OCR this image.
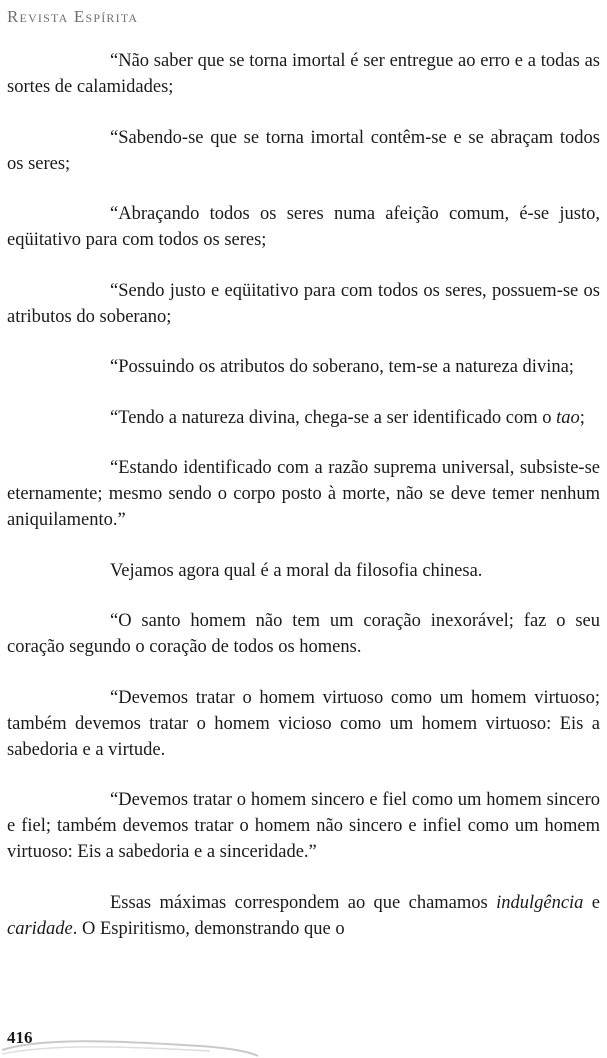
Revista Espírita

“Não saber que se torna imortal é ser entregue ao erro e a todas as sortes de calamidades;

“Sabendo-se que se torna imortal contêm-se e se abraçam todos os seres;

“Abraçando todos os seres numa afeição comum, é-se justo, eqüitativo para com todos os seres;

“Sendo justo e eqüitativo para com todos os seres, possuem-se os atributos do soberano;

“Possuindo os atributos do soberano, tem-se a natureza divina;

“Tendo a natureza divina, chega-se a ser identificado com o tao;

“Estando identificado com a razão suprema universal, subsiste-se eternamente; mesmo sendo o corpo posto à morte, não se deve temer nenhum aniquilamento.”

Vejamos agora qual é a moral da filosofia chinesa.

“O santo homem não tem um coração inexorável; faz o seu coração segundo o coração de todos os homens.

“Devemos tratar o homem virtuoso como um homem virtuoso; também devemos tratar o homem vicioso como um homem virtuoso: Eis a sabedoria e a virtude.

“Devemos tratar o homem sincero e fiel como um homem sincero e fiel; também devemos tratar o homem não sincero e infiel como um homem virtuoso: Eis a sabedoria e a sinceridade.”

Essas máximas correspondem ao que chamamos indulgência e caridade. O Espiritismo, demonstrando que o

416
